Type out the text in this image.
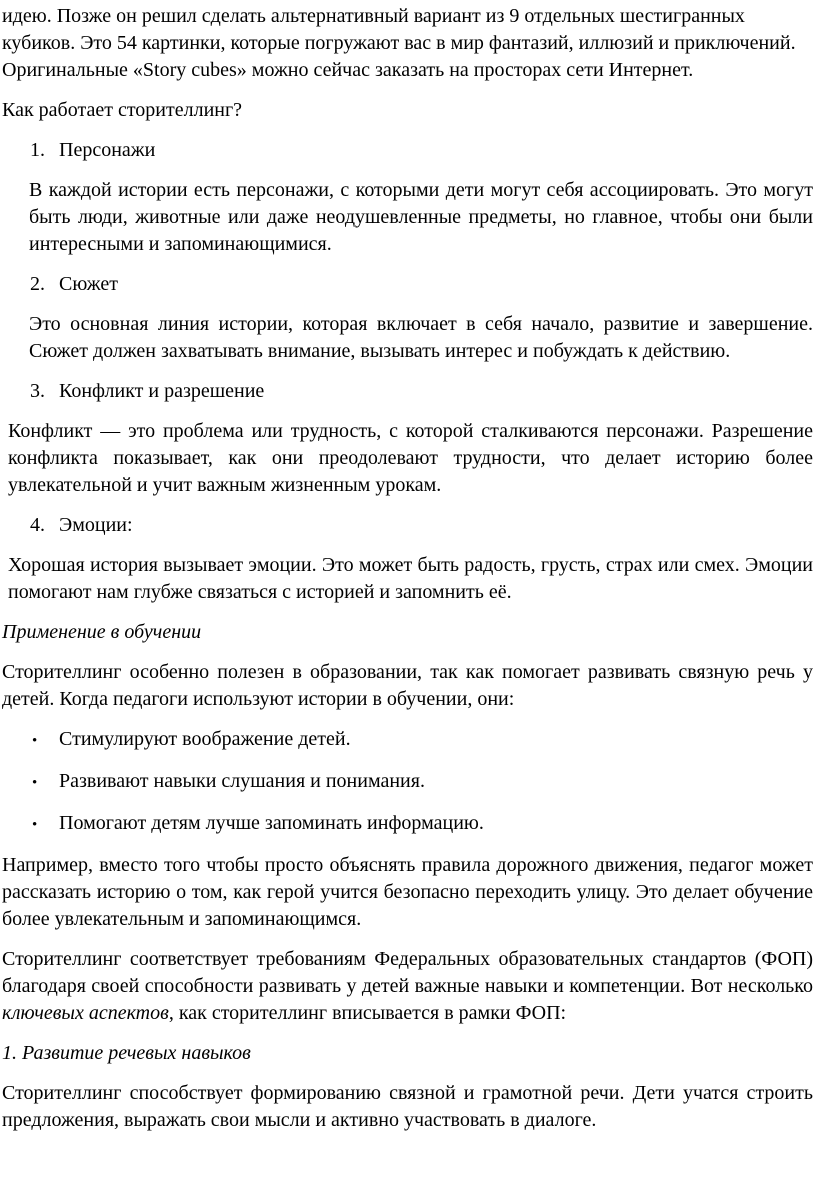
идею. Позже он решил сделать альтернативный вариант из 9 отдельных шестигранных кубиков. Это 54 картинки, которые погружают вас в мир фантазий, иллюзий и приключений. Оригинальные «Story cubes» можно сейчас заказать на просторах сети Интернет.

Как работает сторителлинг?

1. Персонажи

В каждой истории есть персонажи, с которыми дети могут себя ассоциировать. Это могут быть люди, животные или даже неодушевленные предметы, но главное, чтобы они были интересными и запоминающимися.

2. Сюжет

Это основная линия истории, которая включает в себя начало, развитие и завершение. Сюжет должен захватывать внимание, вызывать интерес и побуждать к действию.

3. Конфликт и разрешение

Конфликт — это проблема или трудность, с которой сталкиваются персонажи. Разрешение конфликта показывает, как они преодолевают трудности, что делает историю более увлекательной и учит важным жизненным урокам.

4. Эмоции:

Хорошая история вызывает эмоции. Это может быть радость, грусть, страх или смех. Эмоции помогают нам глубже связаться с историей и запомнить её.

Применение в обучении

Сторителлинг особенно полезен в образовании, так как помогает развивать связную речь у детей. Когда педагоги используют истории в обучении, они:

• Стимулируют воображение детей.
• Развивают навыки слушания и понимания.
• Помогают детям лучше запоминать информацию.

Например, вместо того чтобы просто объяснять правила дорожного движения, педагог может рассказать историю о том, как герой учится безопасно переходить улицу. Это делает обучение более увлекательным и запоминающимся.

Сторителлинг соответствует требованиям Федеральных образовательных стандартов (ФОП) благодаря своей способности развивать у детей важные навыки и компетенции. Вот несколько ключевых аспектов, как сторителлинг вписывается в рамки ФОП:

1. Развитие речевых навыков

Сторителлинг способствует формированию связной и грамотной речи. Дети учатся строить предложения, выражать свои мысли и активно участвовать в диалоге.
